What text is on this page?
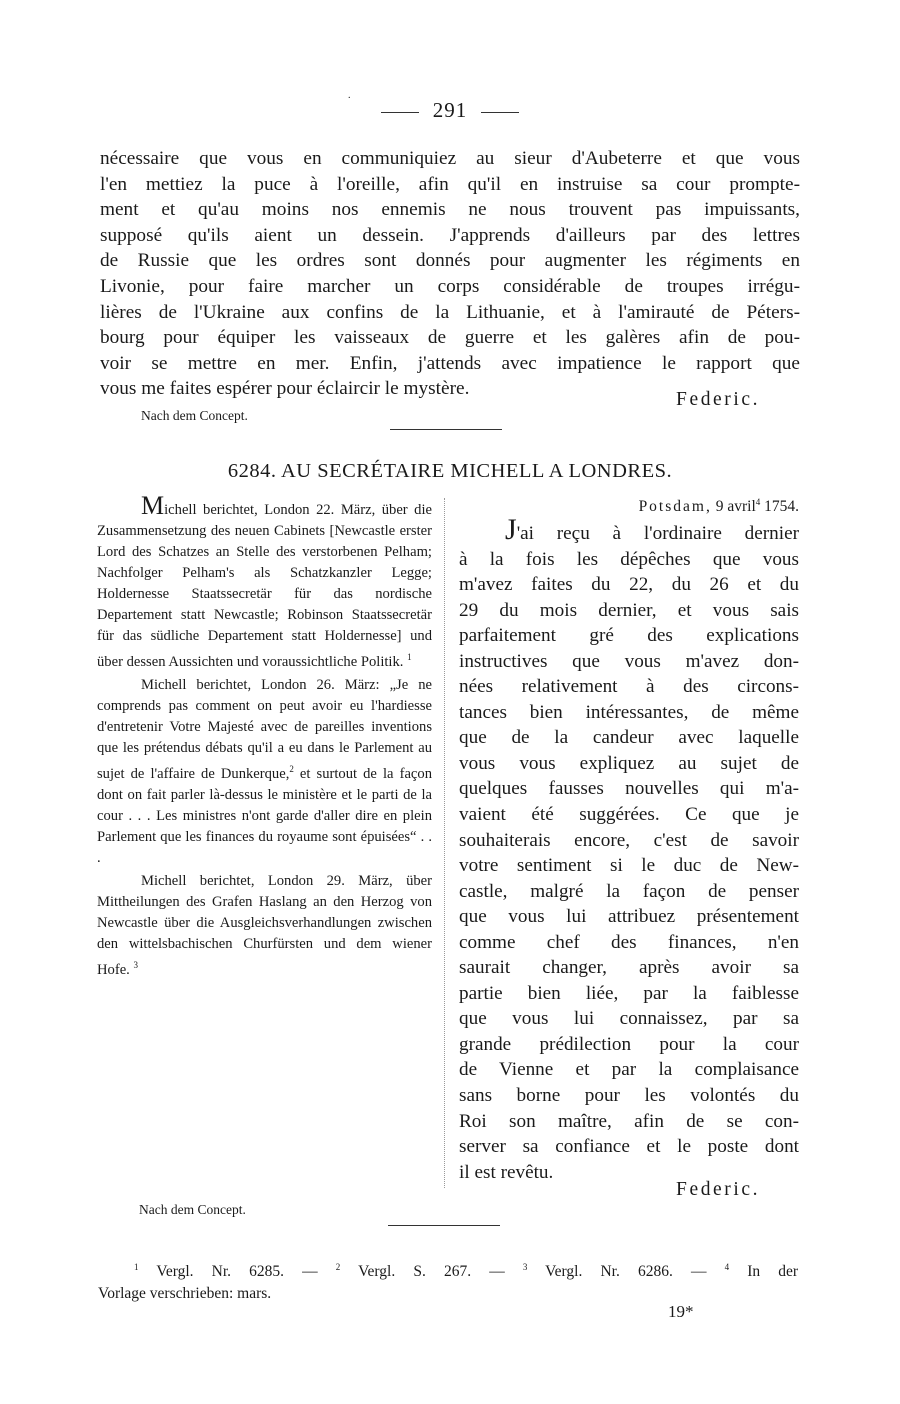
.
291

nécessaire que vous en communiquiez au sieur d'Aubeterre et que vous
l'en mettiez la puce à l'oreille, afin qu'il en instruise sa cour prompte-
ment et qu'au moins nos ennemis ne nous trouvent pas impuissants,
supposé qu'ils aient un dessein. J'apprends d'ailleurs par des lettres
de Russie que les ordres sont donnés pour augmenter les régiments en
Livonie, pour faire marcher un corps considérable de troupes irrégu-
lières de l'Ukraine aux confins de la Lithuanie, et à l'amirauté de Péters-
bourg pour équiper les vaisseaux de guerre et les galères afin de pou-
voir se mettre en mer. Enfin, j'attends avec impatience le rapport que
vous me faites espérer pour éclaircir le mystère.

Federic.
Nach dem Concept.
6284. AU SECRÉTAIRE MICHELL A LONDRES.

Michell berichtet, London 22. März, über die Zusammensetzung des neuen Cabinets [Newcastle erster Lord des Schatzes an Stelle des verstorbenen Pelham; Nachfolger Pelham's als Schatzkanzler Legge; Holdernesse Staatssecretär für das nordische Departement statt Newcastle; Robinson Staatssecretär für das südliche Departement statt Holdernesse] und über dessen Aussichten und voraussichtliche Politik. $^1$

Michell berichtet, London 26. März: „Je ne comprends pas comment on peut avoir eu l'hardiesse d'entretenir Votre Majesté avec de pareilles inventions que les prétendus débats qu'il a eu dans le Parlement au sujet de l'affaire de Dunkerque,$^2$ et surtout de la façon dont on fait parler là-dessus le ministère et le parti de la cour . . . Les ministres n'ont garde d'aller dire en plein Parlement que les finances du royaume sont épuisées“ . . .

Michell berichtet, London 29. März, über Mittheilungen des Grafen Haslang an den Herzog von Newcastle über die Ausgleichsverhandlungen zwischen den wittelsbachischen Churfürsten und dem wiener Hofe. $^3$

Potsdam, 9 avril$^4$ 1754.

J'ai reçu à l'ordinaire dernier
à la fois les dépêches que vous
m'avez faites du 22, du 26 et du
29 du mois dernier, et vous sais
parfaitement gré des explications
instructives que vous m'avez don-
nées relativement à des circons-
tances bien intéressantes, de même
que de la candeur avec laquelle
vous vous expliquez au sujet de
quelques fausses nouvelles qui m'a-
vaient été suggérées. Ce que je
souhaiterais encore, c'est de savoir
votre sentiment si le duc de New-
castle, malgré la façon de penser
que vous lui attribuez présentement
comme chef des finances, n'en
saurait changer, après avoir sa
partie bien liée, par la faiblesse
que vous lui connaissez, par sa
grande prédilection pour la cour
de Vienne et par la complaisance
sans borne pour les volontés du
Roi son maître, afin de se con-
server sa confiance et le poste dont
il est revêtu.

Federic.
Nach dem Concept.
$^1$ Vergl. Nr. 6285. — $^2$ Vergl. S. 267. — $^3$ Vergl. Nr. 6286. — $^4$ In der
Vorlage verschrieben: mars.
19*
